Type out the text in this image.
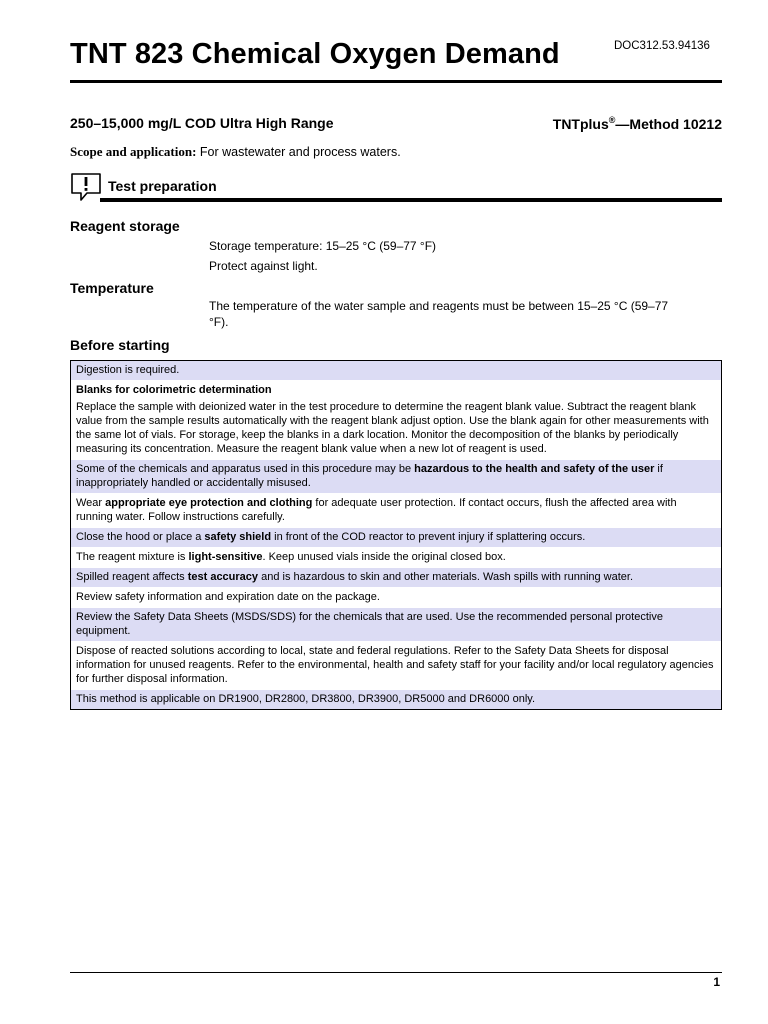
TNT 823 Chemical Oxygen Demand	DOC312.53.94136
250–15,000 mg/L COD Ultra High Range	TNTplus®—Method 10212
Scope and application: For wastewater and process waters.
Test preparation
Reagent storage
Storage temperature: 15–25 °C (59–77 °F)
Protect against light.
Temperature
The temperature of the water sample and reagents must be between 15–25 °C (59–77 °F).
Before starting
Digestion is required.
Blanks for colorimetric determination
Replace the sample with deionized water in the test procedure to determine the reagent blank value. Subtract the reagent blank value from the sample results automatically with the reagent blank adjust option. Use the blank again for other measurements with the same lot of vials. For storage, keep the blanks in a dark location. Monitor the decomposition of the blanks by periodically measuring its concentration. Measure the reagent blank value when a new lot of reagent is used.
Some of the chemicals and apparatus used in this procedure may be hazardous to the health and safety of the user if inappropriately handled or accidentally misused.
Wear appropriate eye protection and clothing for adequate user protection. If contact occurs, flush the affected area with running water. Follow instructions carefully.
Close the hood or place a safety shield in front of the COD reactor to prevent injury if splattering occurs.
The reagent mixture is light-sensitive. Keep unused vials inside the original closed box.
Spilled reagent affects test accuracy and is hazardous to skin and other materials. Wash spills with running water.
Review safety information and expiration date on the package.
Review the Safety Data Sheets (MSDS/SDS) for the chemicals that are used. Use the recommended personal protective equipment.
Dispose of reacted solutions according to local, state and federal regulations. Refer to the Safety Data Sheets for disposal information for unused reagents. Refer to the environmental, health and safety staff for your facility and/or local regulatory agencies for further disposal information.
This method is applicable on DR1900, DR2800, DR3800, DR3900, DR5000 and DR6000 only.
1
